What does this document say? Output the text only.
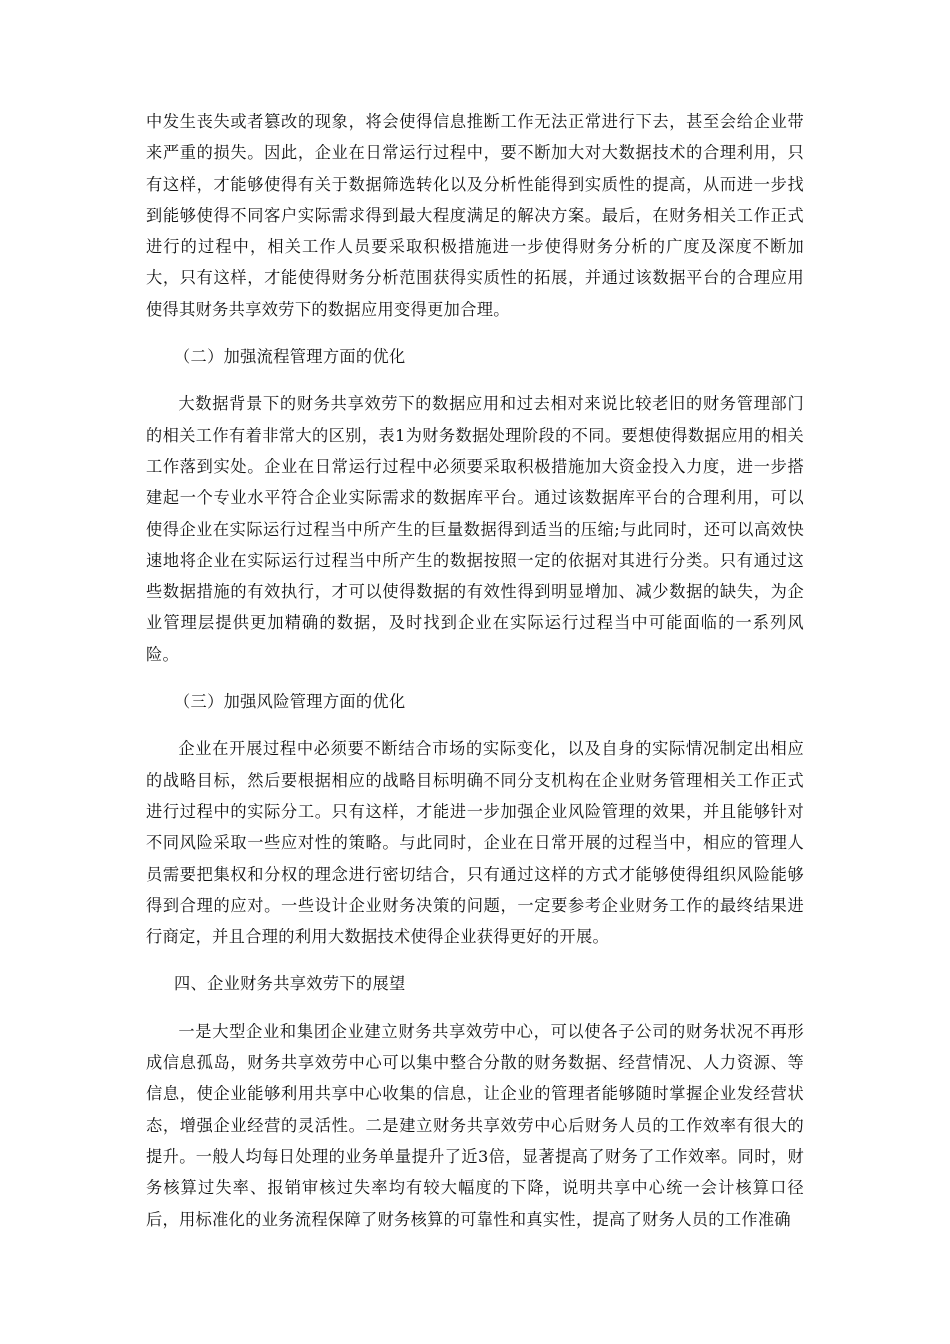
中发生丧失或者篡改的现象，将会使得信息推断工作无法正常进行下去，甚至会给企业带来严重的损失。因此，企业在日常运行过程中，要不断加大对大数据技术的合理利用，只有这样，才能够使得有关于数据筛选转化以及分析性能得到实质性的提高，从而进一步找到能够使得不同客户实际需求得到最大程度满足的解决方案。最后，在财务相关工作正式进行的过程中，相关工作人员要采取积极措施进一步使得财务分析的广度及深度不断加大，只有这样，才能使得财务分析范围获得实质性的拓展，并通过该数据平台的合理应用使得其财务共享效劳下的数据应用变得更加合理。

（二）加强流程管理方面的优化

大数据背景下的财务共享效劳下的数据应用和过去相对来说比较老旧的财务管理部门的相关工作有着非常大的区别，表1为财务数据处理阶段的不同。要想使得数据应用的相关工作落到实处。企业在日常运行过程中必须要采取积极措施加大资金投入力度，进一步搭建起一个专业水平符合企业实际需求的数据库平台。通过该数据库平台的合理利用，可以使得企业在实际运行过程当中所产生的巨量数据得到适当的压缩;与此同时，还可以高效快速地将企业在实际运行过程当中所产生的数据按照一定的依据对其进行分类。只有通过这些数据措施的有效执行，才可以使得数据的有效性得到明显增加、减少数据的缺失，为企业管理层提供更加精确的数据，及时找到企业在实际运行过程当中可能面临的一系列风险。

（三）加强风险管理方面的优化

企业在开展过程中必须要不断结合市场的实际变化，以及自身的实际情况制定出相应的战略目标，然后要根据相应的战略目标明确不同分支机构在企业财务管理相关工作正式进行过程中的实际分工。只有这样，才能进一步加强企业风险管理的效果，并且能够针对不同风险采取一些应对性的策略。与此同时，企业在日常开展的过程当中，相应的管理人员需要把集权和分权的理念进行密切结合，只有通过这样的方式才能够使得组织风险能够得到合理的应对。一些设计企业财务决策的问题，一定要参考企业财务工作的最终结果进行商定，并且合理的利用大数据技术使得企业获得更好的开展。

四、企业财务共享效劳下的展望

一是大型企业和集团企业建立财务共享效劳中心，可以使各子公司的财务状况不再形成信息孤岛，财务共享效劳中心可以集中整合分散的财务数据、经营情况、人力资源、等信息，使企业能够利用共享中心收集的信息，让企业的管理者能够随时掌握企业发经营状态，增强企业经营的灵活性。二是建立财务共享效劳中心后财务人员的工作效率有很大的提升。一般人均每日处理的业务单量提升了近3倍，显著提高了财务了工作效率。同时，财务核算过失率、报销审核过失率均有较大幅度的下降，说明共享中心统一会计核算口径后，用标准化的业务流程保障了财务核算的可靠性和真实性，提高了财务人员的工作准确
